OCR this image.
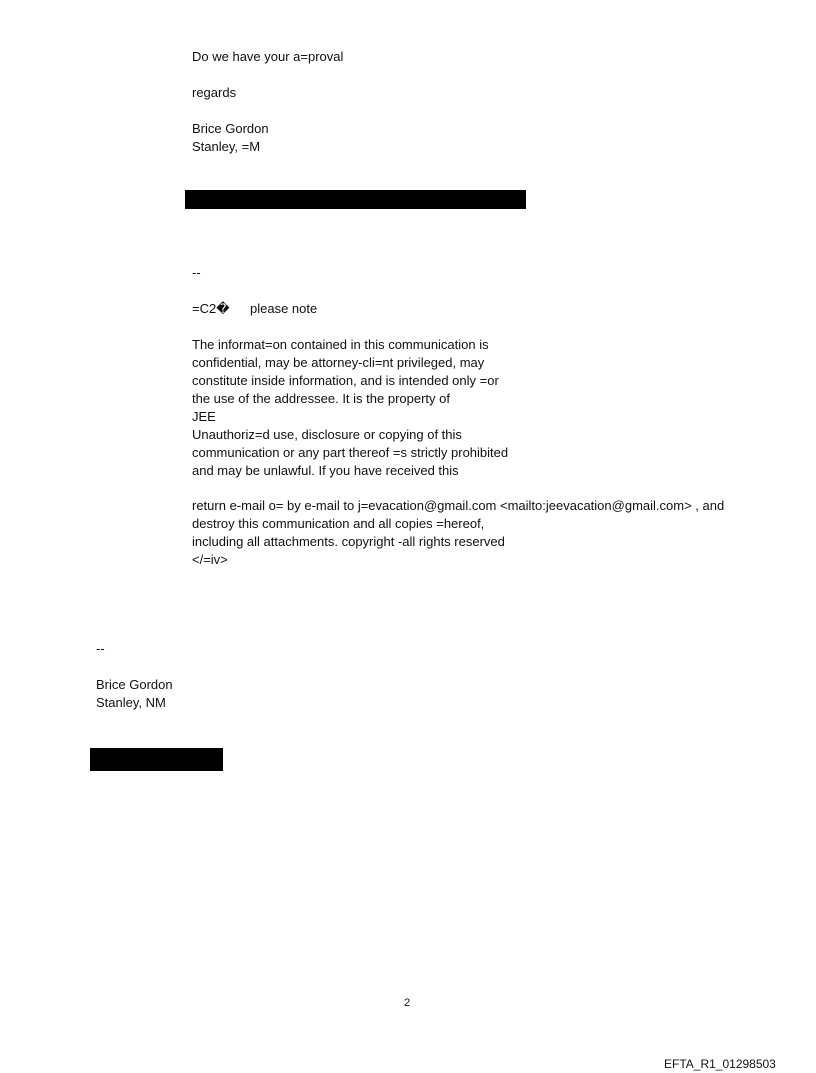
Do we have your a=proval

regards

Brice Gordon
Stanley, =M

--

=C2� please note

The informat=on contained in this communication is
confidential, may be attorney-cli=nt privileged, may
constitute inside information, and is intended only =or
the use of the addressee. It is the property of
JEE
Unauthoriz=d use, disclosure or copying of this
communication or any part thereof =s strictly prohibited
and may be unlawful. If you have received this
return e-mail o= by e-mail to j=evacation@gmail.com <mailto:jeevacation@gmail.com> , and
destroy this communication and all copies =hereof,
including all attachments. copyright -all rights reserved
</=iv>

--

Brice Gordon
Stanley, NM

2

EFTA_R1_01298503
